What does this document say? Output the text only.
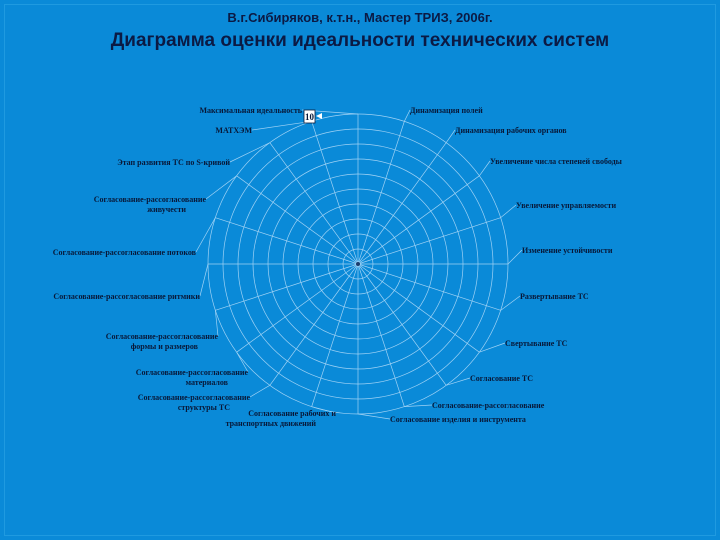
В.г.Сибиряков, к.т.н., Мастер ТРИЗ, 2006г.
Диаграмма оценки идеальности технических систем
Максимальная идеальность	Динамизация полей
Динамизация рабочих органов
Увеличение числа степеней свободы
Увеличение управляемости
Изменение устойчивости
Развертывание ТС
Свертывание ТС
Согласование ТС
Согласование-рассогласование
Согласование изделия и инструмента
Согласование рабочих и транспортных движений
Согласование-рассогласование структуры ТС
Согласование-рассогласование материалов
Согласование-рассогласование формы и размеров
Согласование-рассогласование ритмики
Согласование-рассогласование потоков
Согласование-рассогласование живучести
Этап развития ТС по S-кривой
МАТХЭМ
10
